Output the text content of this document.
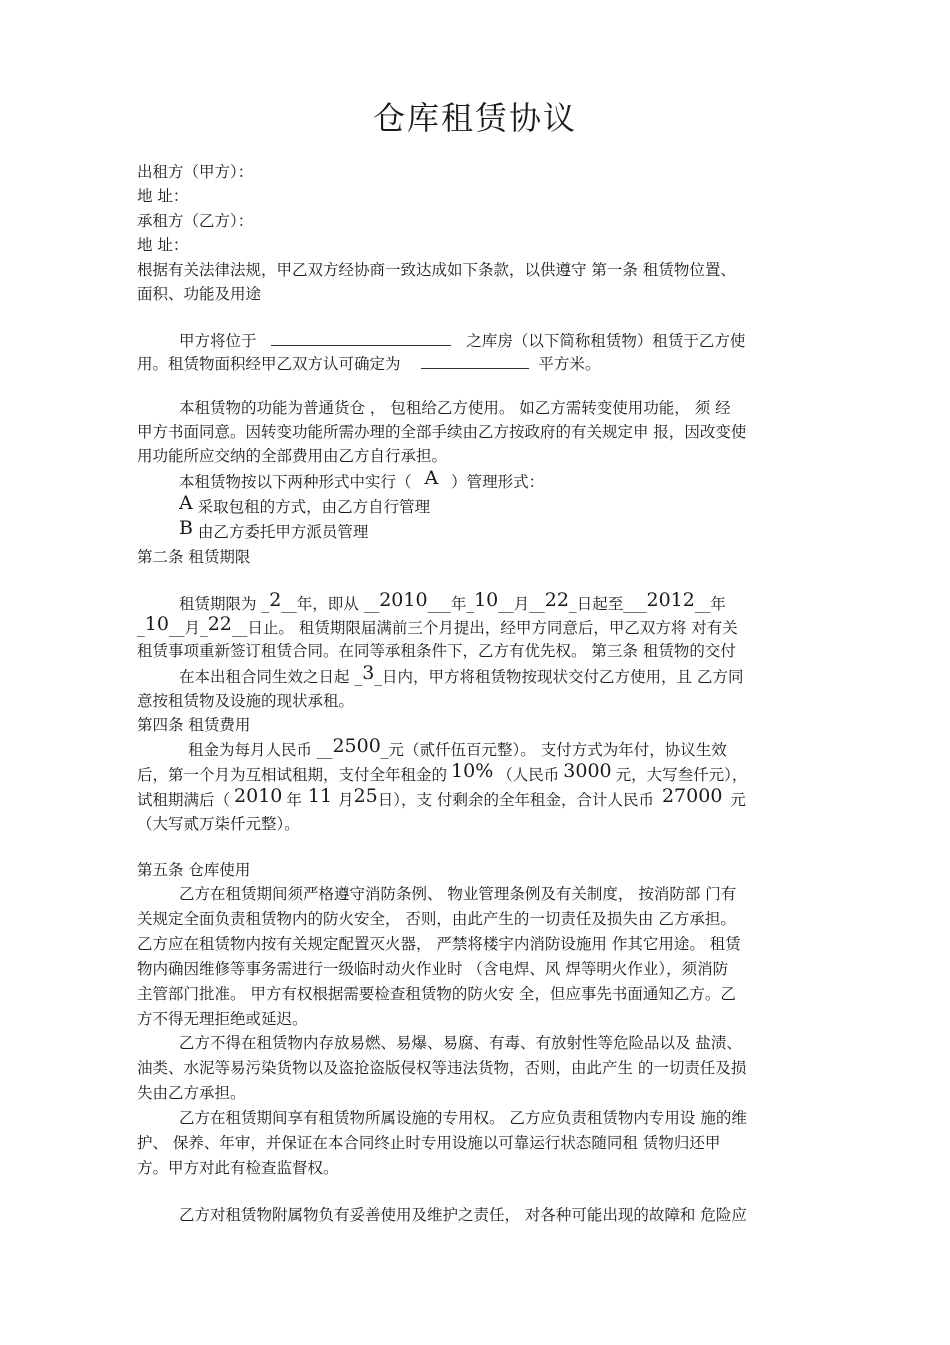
仓库租赁协议
出租方（甲方）：
地 址：
承租方（乙方）：
地 址：
根据有关法律法规，甲乙双方经协商一致达成如下条款，以供遵守 第一条 租赁物位置、
面积、功能及用途
甲方将位于	之库房（以下简称租赁物）租赁于乙方使
用。租赁物面积经甲乙双方认可确定为	平方米。
本租赁物的功能为普通货仓 ， 包租给乙方使用。 如乙方需转变使用功能， 须 经
甲方书面同意。因转变功能所需办理的全部手续由乙方按政府的有关规定申 报，因改变使
用功能所应交纳的全部费用由乙方自行承担。
本租赁物按以下两种形式中实行（ A ）管理形式：
A 采取包租的方式，由乙方自行管理
B 由乙方委托甲方派员管理
第二条 租赁期限
租赁期限为 _2__年，即从 __2010___年_10__月__22_日起至___2012__年
_10__月_22__日止。 租赁期限届满前三个月提出，经甲方同意后，甲乙双方将 对有关
租赁事项重新签订租赁合同。在同等承租条件下，乙方有优先权。 第三条 租赁物的交付
在本出租合同生效之日起 _3_日内，甲方将租赁物按现状交付乙方使用，且 乙方同
意按租赁物及设施的现状承租。
第四条 租赁费用
租金为每月人民币 __2500_元（贰仟伍百元整）。 支付方式为年付，协议生效
后，第一个月为互相试租期，支付全年租金的 10% （人民币 3000 元，大写叁仟元），
试租期满后（ 2010 年 11 月25日），支 付剩余的全年租金，合计人民币 27000 元
（大写贰万柒仟元整）。
第五条 仓库使用
乙方在租赁期间须严格遵守消防条例、 物业管理条例及有关制度， 按消防部 门有
关规定全面负责租赁物内的防火安全， 否则，由此产生的一切责任及损失由 乙方承担。
乙方应在租赁物内按有关规定配置灭火器， 严禁将楼宇内消防设施用 作其它用途。 租赁
物内确因维修等事务需进行一级临时动火作业时 （含电焊、风 焊等明火作业），须消防
主管部门批准。 甲方有权根据需要检查租赁物的防火安 全，但应事先书面通知乙方。乙
方不得无理拒绝或延迟。
乙方不得在租赁物内存放易燃、易爆、易腐、有毒、有放射性等危险品以及 盐渍、
油类、水泥等易污染货物以及盗抢盗版侵权等违法货物，否则，由此产生 的一切责任及损
失由乙方承担。
乙方在租赁期间享有租赁物所属设施的专用权。 乙方应负责租赁物内专用设 施的维
护、 保养、年审，并保证在本合同终止时专用设施以可靠运行状态随同租 赁物归还甲
方。甲方对此有检查监督权。
乙方对租赁物附属物负有妥善使用及维护之责任， 对各种可能出现的故障和 危险应
